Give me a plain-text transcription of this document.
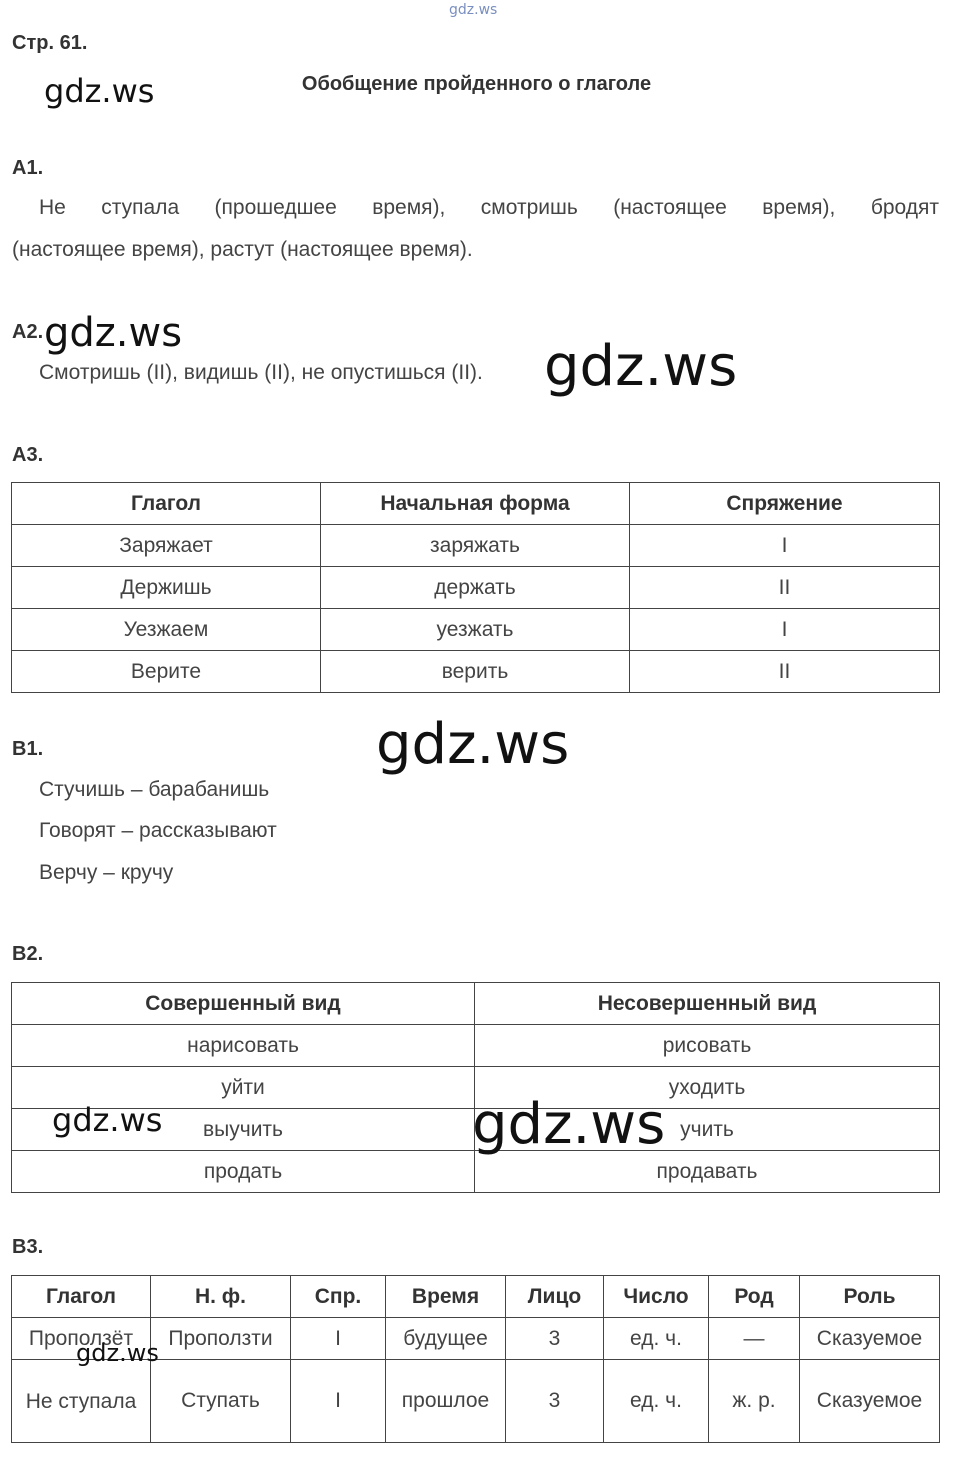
gdz.ws
Стр. 61.
gdz.ws	Обобщение пройденного о глаголе
А1.
Не ступала (прошедшее время), смотришь (настоящее время), бродят
(настоящее время), растут (настоящее время).
А2. gdz.ws
Смотришь (II), видишь (II), не опустишься (II). gdz.ws
А3.
Глагол	Начальная форма	Спряжение
Заряжает	заряжать	I
Держишь	держать	II
Уезжаем	уезжать	I
Верите	верить	II
В1.	gdz.ws
Стучишь – барабанишь
Говорят – рассказывают
Верчу – кручу
В2.
Совершенный вид	Несовершенный вид
нарисовать	рисовать
уйти	уходить
выучить	учить
продать	продавать
gdz.ws	gdz.ws
В3.
Глагол	Н. ф.	Спр.	Время	Лицо	Число	Род	Роль
Проползёт	Проползти	I	будущее	3	ед. ч.	—	Сказуемое
Не ступала	Ступать	I	прошлое	3	ед. ч.	ж. р.	Сказуемое
gdz.ws
